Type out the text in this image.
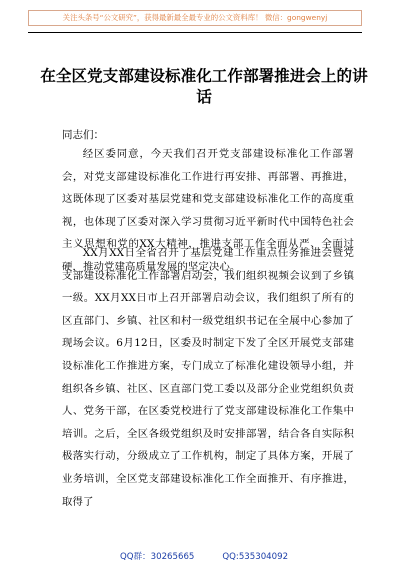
关注头条号“公文研究”，获得最新最全最专业的公文资料库！ 微信：gongwenyj
在全区党支部建设标准化工作部署推进会上的讲话
同志们：
经区委同意，今天我们召开党支部建设标准化工作部署会，对党支部建设标准化工作进行再安排、再部署、再推进，这既体现了区委对基层党建和党支部建设标准化工作的高度重视，也体现了区委对深入学习贯彻习近平新时代中国特色社会主义思想和党的XX大精神，推进支部工作全面从严、全面过硬，推动党建高质量发展的坚定决心。
XX月XX日全省召开了基层党建工作重点任务推进会暨党支部建设标准化工作部署启动会，我们组织视频会议到了乡镇一级。XX月XX日市上召开部署启动会议，我们组织了所有的区直部门、乡镇、社区和村一级党组织书记在全展中心参加了现场会议。6月12日，区委及时制定下发了全区开展党支部建设标准化工作推进方案，专门成立了标准化建设领导小组，并组织各乡镇、社区、区直部门党工委以及部分企业党组织负责人、党务干部，在区委党校进行了党支部建设标准化工作集中培训。之后，全区各级党组织及时安排部署，结合各自实际积极落实行动，分级成立了工作机构，制定了具体方案，开展了业务培训，全区党支部建设标准化工作全面推开、有序推进，取得了
QQ群：30265665	QQ:535304092
